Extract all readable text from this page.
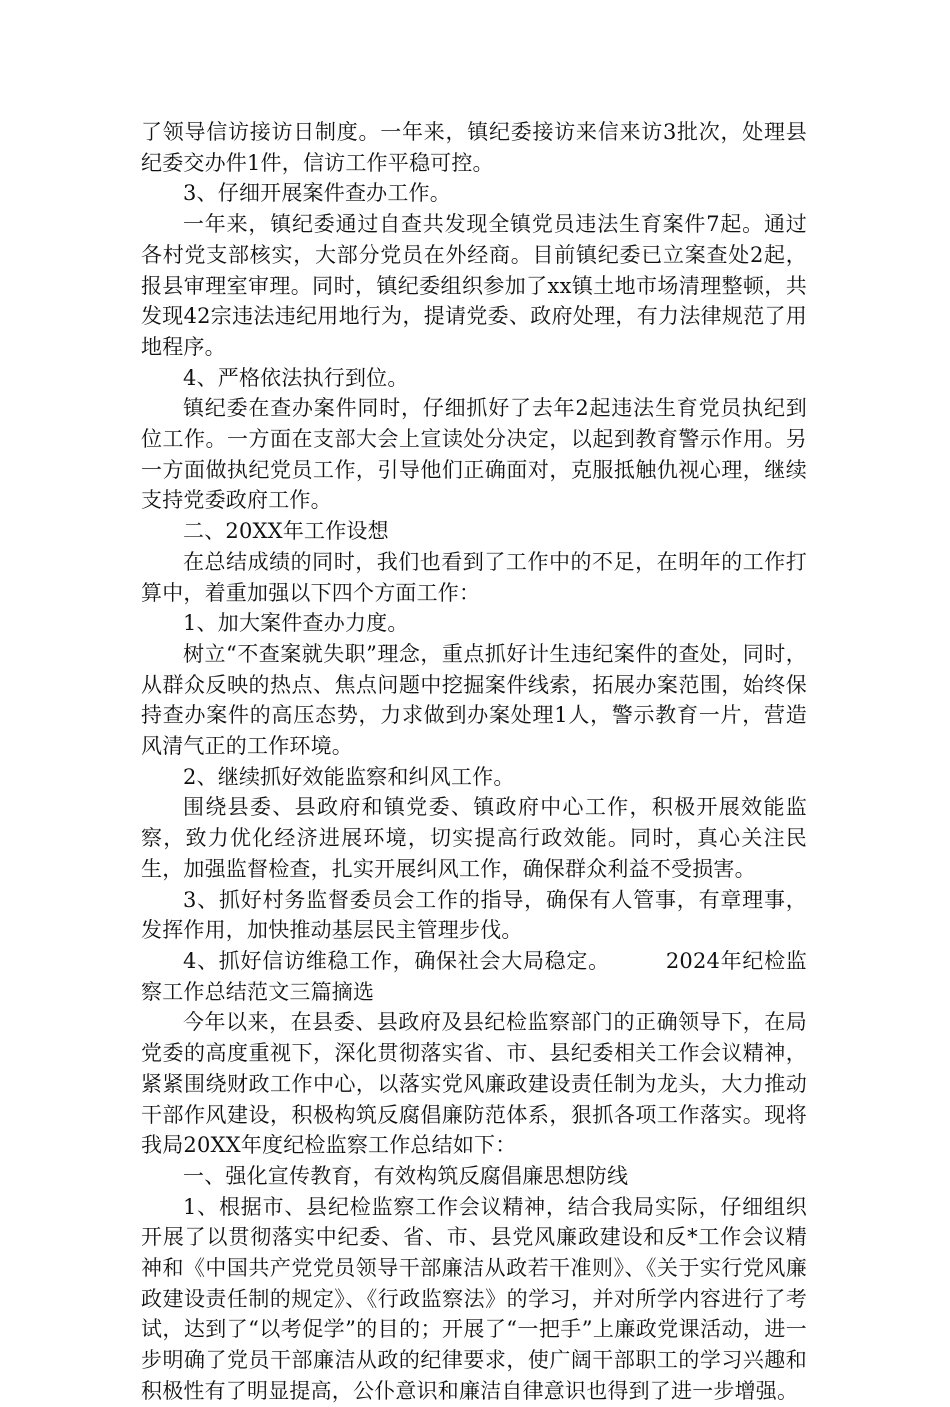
了领导信访接访日制度。一年来，镇纪委接访来信来访3批次，处理县纪委交办件1件，信访工作平稳可控。

3、仔细开展案件查办工作。

一年来，镇纪委通过自查共发现全镇党员违法生育案件7起。通过各村党支部核实，大部分党员在外经商。目前镇纪委已立案查处2起，报县审理室审理。同时，镇纪委组织参加了xx镇土地市场清理整顿，共发现42宗违法违纪用地行为，提请党委、政府处理，有力法律规范了用地程序。

4、严格依法执行到位。

镇纪委在查办案件同时，仔细抓好了去年2起违法生育党员执纪到位工作。一方面在支部大会上宣读处分决定，以起到教育警示作用。另一方面做执纪党员工作，引导他们正确面对，克服抵触仇视心理，继续支持党委政府工作。

二、20XX年工作设想

在总结成绩的同时，我们也看到了工作中的不足，在明年的工作打算中，着重加强以下四个方面工作：

1、加大案件查办力度。

树立“不查案就失职”理念，重点抓好计生违纪案件的查处，同时，从群众反映的热点、焦点问题中挖掘案件线索，拓展办案范围，始终保持查办案件的高压态势，力求做到办案处理1人，警示教育一片，营造风清气正的工作环境。

2、继续抓好效能监察和纠风工作。

围绕县委、县政府和镇党委、镇政府中心工作，积极开展效能监察，致力优化经济进展环境，切实提高行政效能。同时，真心关注民生，加强监督检查，扎实开展纠风工作，确保群众利益不受损害。

3、抓好村务监督委员会工作的指导，确保有人管事，有章理事，发挥作用，加快推动基层民主管理步伐。

4、抓好信访维稳工作，确保社会大局稳定。	2024年纪检监察工作总结范文三篇摘选

今年以来，在县委、县政府及县纪检监察部门的正确领导下，在局党委的高度重视下，深化贯彻落实省、市、县纪委相关工作会议精神，紧紧围绕财政工作中心，以落实党风廉政建设责任制为龙头，大力推动干部作风建设，积极构筑反腐倡廉防范体系，狠抓各项工作落实。现将我局20XX年度纪检监察工作总结如下：

一、强化宣传教育，有效构筑反腐倡廉思想防线

1、根据市、县纪检监察工作会议精神，结合我局实际，仔细组织开展了以贯彻落实中纪委、省、市、县党风廉政建设和反*工作会议精神和《中国共产党党员领导干部廉洁从政若干准则》、《关于实行党风廉政建设责任制的规定》、《行政监察法》的学习，并对所学内容进行了考试，达到了“以考促学”的目的；开展了“一把手”上廉政党课活动，进一步明确了党员干部廉洁从政的纪律要求，使广阔干部职工的学习兴趣和积极性有了明显提高，公仆意识和廉洁自律意识也得到了进一步增强。
